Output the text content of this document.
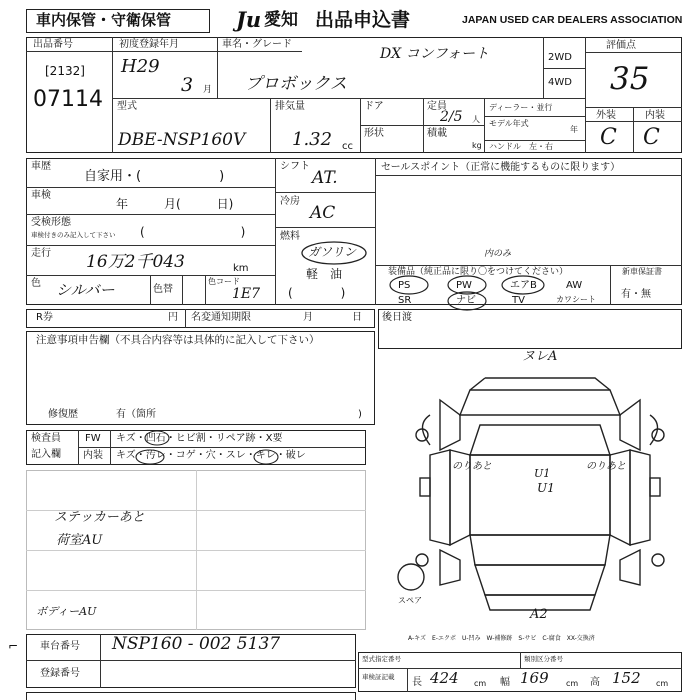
車内保管・守衛保管	Ju 愛知 出品申込書	JAPAN USED CAR DEALERS ASSOCIATION
出品番号
[2132]
07114
初度登録年月
H29
3 月
車名・グレード
DX コンフォート
プロボックス
2WD
4WD
評価点
35
外装	内装
C C
型式
DBE-NSP160V
排気量
1.32 cc
ドア
形状
定員
2/5 人
積載
kg
ディーラー・並行
モデル年式
年
ハンドル　左・右
車歴
自家用・(　　　　　　)
車検
年　　　月(　　　日)
受検形態
車検付きのみ記入して下さい (　　　　　　　　)
走行 16万2千043	km
色 シルバー	色替
色コード
1E7
シフト
AT.
冷房
AC
燃料
ガソリン
軽　油
(　　　　)
セールスポイント（正常に機能するものに限ります）
内のみ
装備品（純正品に限り〇をつけてください）	新車保証書
有・無
PS	PW	エアB	AW
SR	ナビ	TV	カワシート
R券	円 名変通知期限	月	日 後日渡
注意事項申告欄（不具合内容等は具体的に記入して下さい）
修復歴	有（箇所	)
検査員
記入欄
FW キズ・凹石・ヒビ割・リペア跡・X要
内装 キズ・汚レ・コゲ・穴・スレ・キレ・破レ
ステッカーあと
荷室AU
ボディーAU
ヌレA
のりあと	のりあと
U1
U1
A2
スペア
A-キズ　E-エクボ　U-凹み　W-補修跡　S-サビ　C-腐食　XX-交換済
⌐ 車台番号 NSP160 - 002 5137
登録番号
型式指定番号	類別区分番号
車検証記載 長 424 cm 幅 169 cm 高 152 cm
